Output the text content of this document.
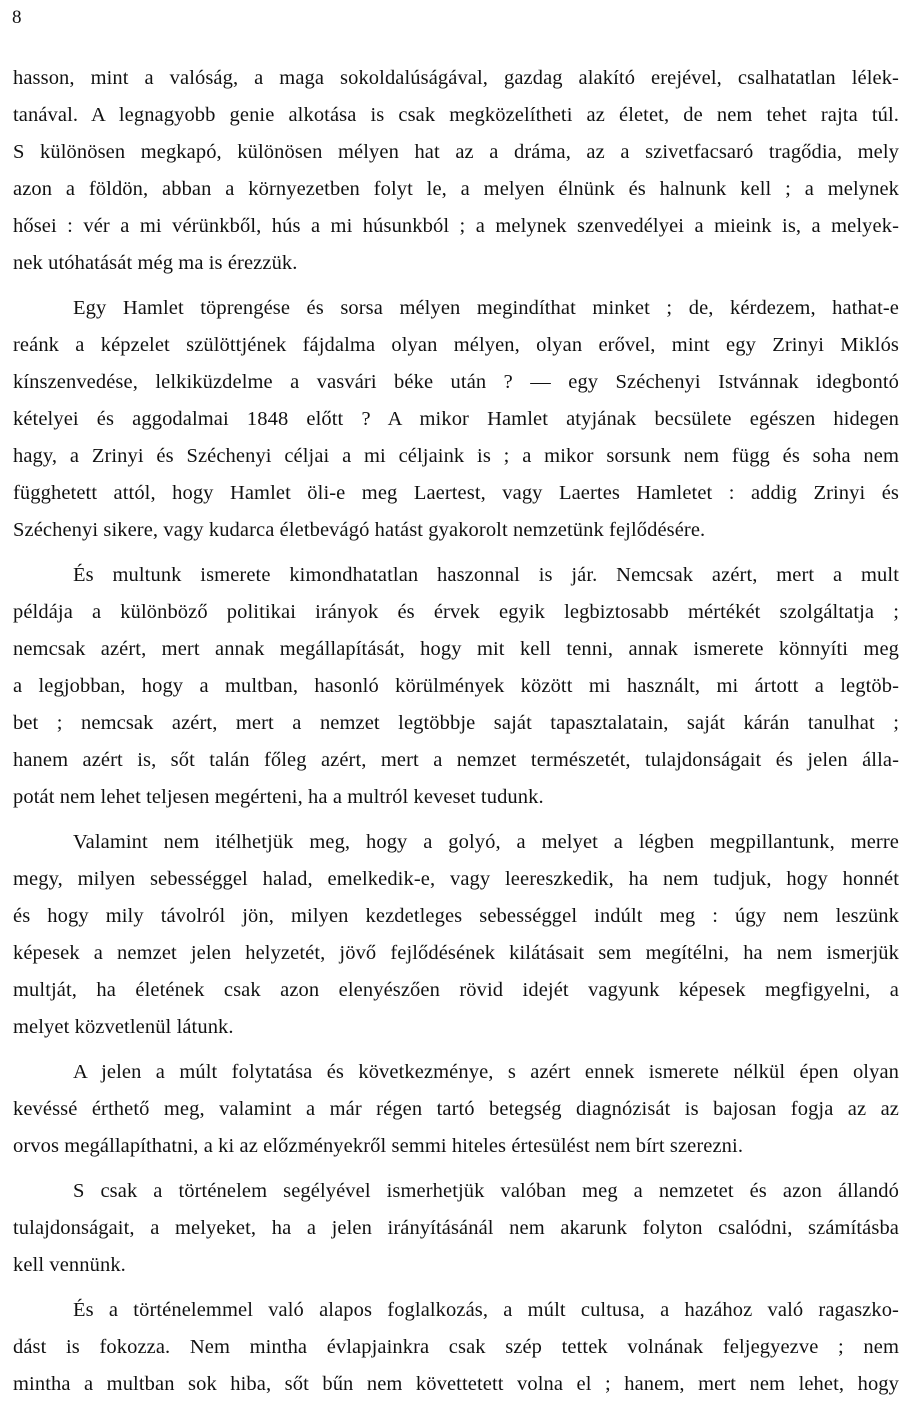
8
hasson, mint a valóság, a maga sokoldalúságával, gazdag alakító erejével, csalhatatlan lélek-
tanával. A legnagyobb genie alkotása is csak megközelítheti az életet, de nem tehet rajta túl.
S különösen megkapó, különösen mélyen hat az a dráma, az a szivetfacsaró tragődia, mely
azon a földön, abban a környezetben folyt le, a melyen élnünk és halnunk kell ; a melynek
hősei : vér a mi vérünkből, hús a mi húsunkból ; a melynek szenvedélyei a mieink is, a melyek-
nek utóhatását még ma is érezzük.
Egy Hamlet töprengése és sorsa mélyen megindíthat minket ; de, kérdezem, hathat-e
reánk a képzelet szülöttjének fájdalma olyan mélyen, olyan erővel, mint egy Zrinyi Miklós
kínszenvedése, lelkiküzdelme a vasvári béke után ? — egy Széchenyi Istvánnak idegbontó
kételyei és aggodalmai 1848 előtt ? A mikor Hamlet atyjának becsülete egészen hidegen
hagy, a Zrinyi és Széchenyi céljai a mi céljaink is ; a mikor sorsunk nem függ és soha nem
függhetett attól, hogy Hamlet öli-e meg Laertest, vagy Laertes Hamletet : addig Zrinyi és
Széchenyi sikere, vagy kudarca életbevágó hatást gyakorolt nemzetünk fejlődésére.
És multunk ismerete kimondhatatlan haszonnal is jár. Nemcsak azért, mert a mult
példája a különböző politikai irányok és érvek egyik legbiztosabb mértékét szolgáltatja ;
nemcsak azért, mert annak megállapítását, hogy mit kell tenni, annak ismerete könnyíti meg
a legjobban, hogy a multban, hasonló körülmények között mi használt, mi ártott a legtöb-
bet ; nemcsak azért, mert a nemzet legtöbbje saját tapasztalatain, saját kárán tanulhat ;
hanem azért is, sőt talán főleg azért, mert a nemzet természetét, tulajdonságait és jelen álla-
potát nem lehet teljesen megérteni, ha a multról keveset tudunk.
Valamint nem itélhetjük meg, hogy a golyó, a melyet a légben megpillantunk, merre
megy, milyen sebességgel halad, emelkedik-e, vagy leereszkedik, ha nem tudjuk, hogy honnét
és hogy mily távolról jön, milyen kezdetleges sebességgel indúlt meg : úgy nem leszünk
képesek a nemzet jelen helyzetét, jövő fejlődésének kilátásait sem megítélni, ha nem ismerjük
multját, ha életének csak azon elenyészően rövid idejét vagyunk képesek megfigyelni, a
melyet közvetlenül látunk.
A jelen a múlt folytatása és következménye, s azért ennek ismerete nélkül épen olyan
kevéssé érthető meg, valamint a már régen tartó betegség diagnózisát is bajosan fogja az az
orvos megállapíthatni, a ki az előzményekről semmi hiteles értesülést nem bírt szerezni.
S csak a történelem segélyével ismerhetjük valóban meg a nemzetet és azon állandó
tulajdonságait, a melyeket, ha a jelen irányításánál nem akarunk folyton csalódni, számításba
kell vennünk.
És a történelemmel való alapos foglalkozás, a múlt cultusa, a hazához való ragaszko-
dást is fokozza. Nem mintha évlapjainkra csak szép tettek volnának feljegyezve ; nem
mintha a multban sok hiba, sőt bűn nem követtetett volna el ; hanem, mert nem lehet, hogy
